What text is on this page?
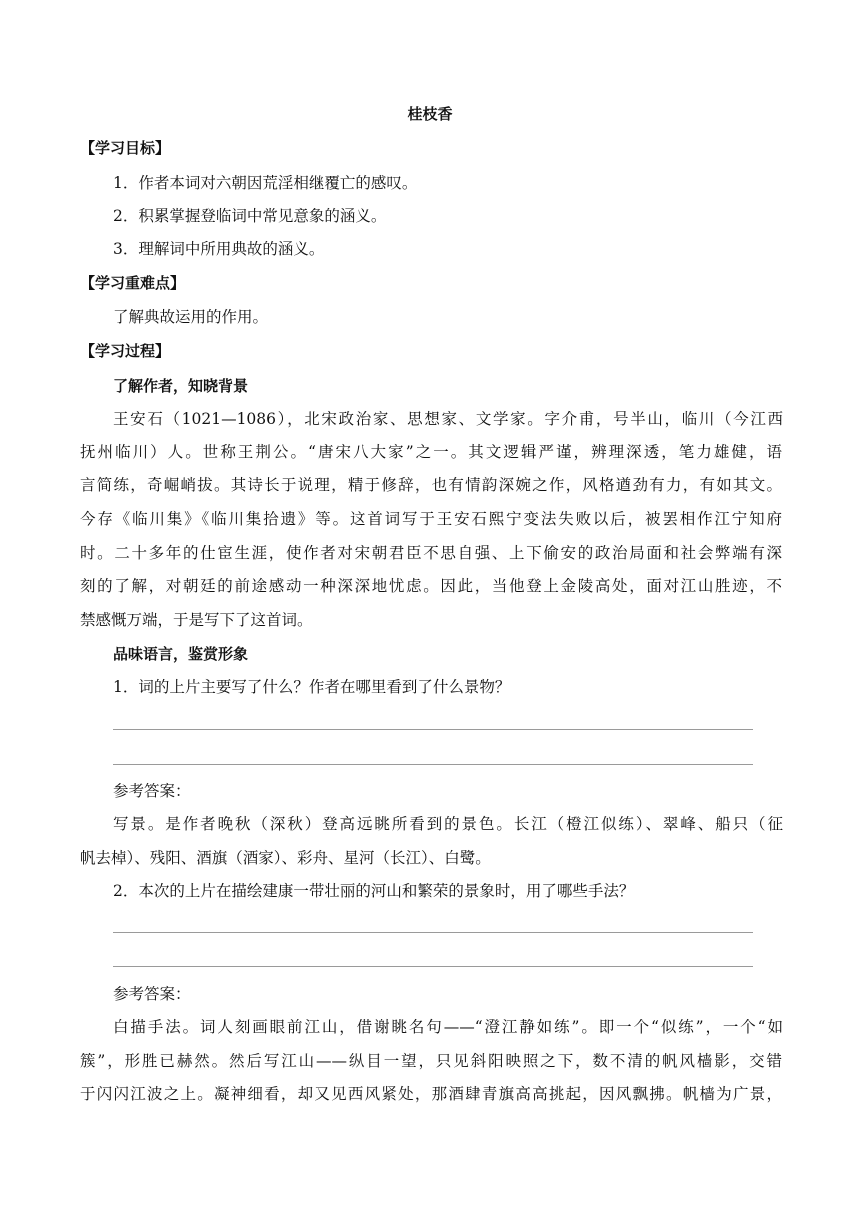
桂枝香
【学习目标】
1．作者本词对六朝因荒淫相继覆亡的感叹。
2．积累掌握登临词中常见意象的涵义。
3．理解词中所用典故的涵义。
【学习重难点】
了解典故运用的作用。
【学习过程】
了解作者，知晓背景
王安石（1021—1086），北宋政治家、思想家、文学家。字介甫，号半山，临川（今江西
抚州临川）人。世称王荆公。“唐宋八大家”之一。其文逻辑严谨，辨理深透，笔力雄健，语
言简练，奇崛峭拔。其诗长于说理，精于修辞，也有情韵深婉之作，风格遒劲有力，有如其文。
今存《临川集》《临川集拾遗》等。这首词写于王安石熙宁变法失败以后，被罢相作江宁知府
时。二十多年的仕宦生涯，使作者对宋朝君臣不思自强、上下偷安的政治局面和社会弊端有深
刻的了解，对朝廷的前途感动一种深深地忧虑。因此，当他登上金陵高处，面对江山胜迹，不
禁感慨万端，于是写下了这首词。
品味语言，鉴赏形象
1．词的上片主要写了什么？作者在哪里看到了什么景物？
参考答案：
写景。是作者晚秋（深秋）登高远眺所看到的景色。长江（橙江似练）、翠峰、船只（征
帆去棹）、残阳、酒旗（酒家）、彩舟、星河（长江）、白鹭。
2．本次的上片在描绘建康一带壮丽的河山和繁荣的景象时，用了哪些手法？
参考答案：
白描手法。词人刻画眼前江山，借谢眺名句——“澄江静如练”。即一个“似练”，一个“如
簇”，形胜已赫然。然后写江山——纵目一望，只见斜阳映照之下，数不清的帆风樯影，交错
于闪闪江波之上。凝神细看，却又见西风紧处，那酒肆青旗高高挑起，因风飘拂。帆樯为广景，
